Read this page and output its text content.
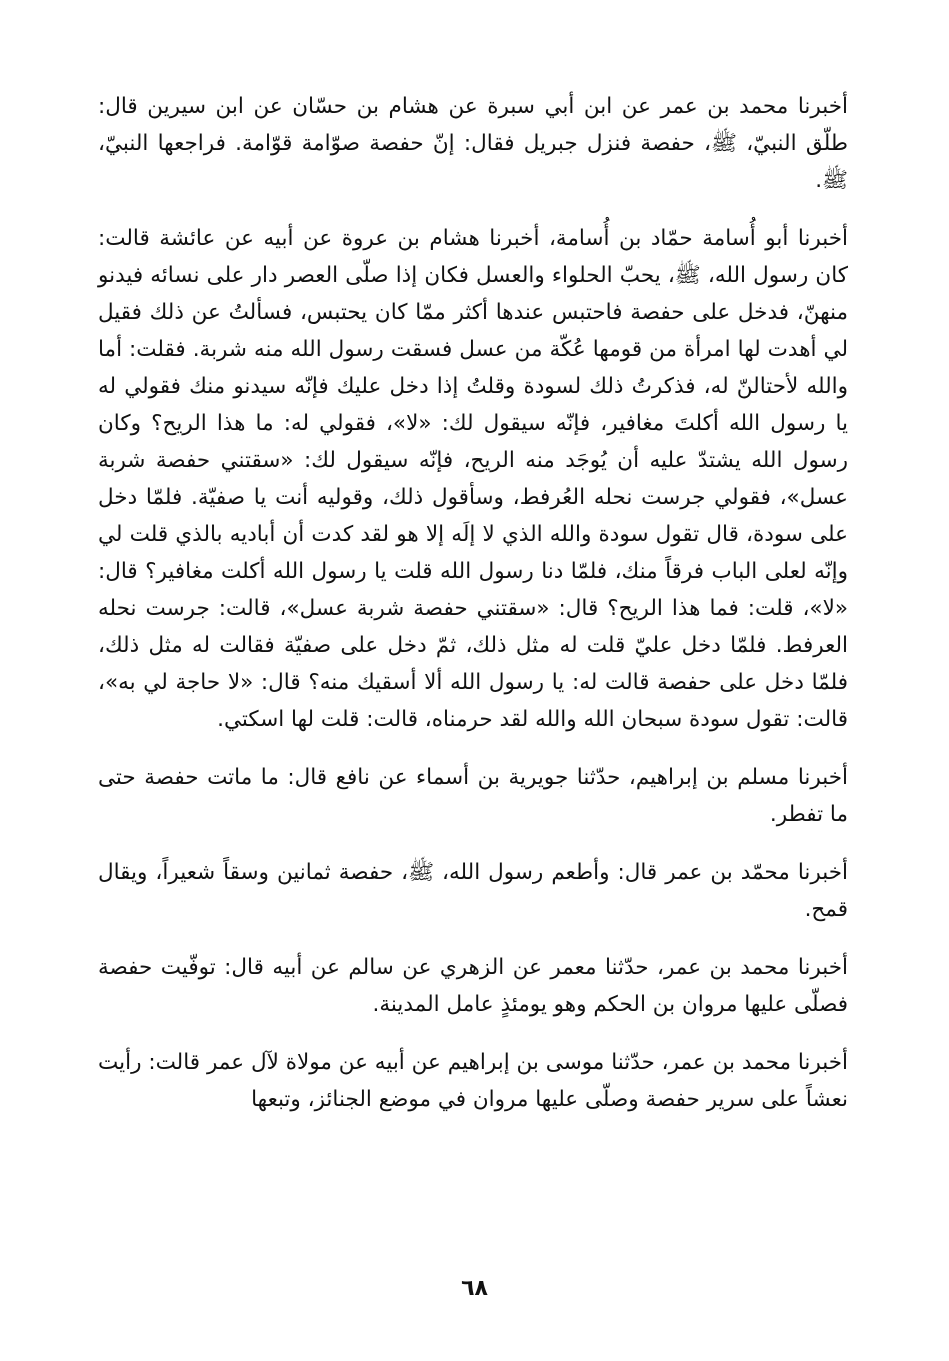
أخبرنا محمد بن عمر عن ابن أبي سبرة عن هشام بن حسّان عن ابن سيرين قال: طلّق النبيّ، ﷺ، حفصة فنزل جبريل فقال: إنّ حفصة صوّامة قوّامة. فراجعها النبيّ، ﷺ.

أخبرنا أبو أُسامة حمّاد بن أُسامة، أخبرنا هشام بن عروة عن أبيه عن عائشة قالت: كان رسول الله، ﷺ، يحبّ الحلواء والعسل فكان إذا صلّى العصر دار على نسائه فيدنو منهنّ، فدخل على حفصة فاحتبس عندها أكثر ممّا كان يحتبس، فسألتُ عن ذلك فقيل لي أهدت لها امرأة من قومها عُكّة من عسل فسقت رسول الله منه شربة. فقلت: أما والله لأحتالنّ له، فذكرتُ ذلك لسودة وقلتُ إذا دخل عليك فإنّه سيدنو منك فقولي له يا رسول الله أكلتَ مغافير، فإنّه سيقول لك: «لا»، فقولي له: ما هذا الريح؟ وكان رسول الله يشتدّ عليه أن يُوجَد منه الريح، فإنّه سيقول لك: «سقتني حفصة شربة عسل»، فقولي جرست نحله العُرفط، وسأقول ذلك، وقوليه أنت يا صفيّة. فلمّا دخل على سودة، قال تقول سودة والله الذي لا إلَه إلا هو لقد كدت أن أباديه بالذي قلت لي وإنّه لعلى الباب فرقاً منك، فلمّا دنا رسول الله قلت يا رسول الله أكلت مغافير؟ قال: «لا»، قلت: فما هذا الريح؟ قال: «سقتني حفصة شربة عسل»، قالت: جرست نحله العرفط. فلمّا دخل عليّ قلت له مثل ذلك، ثمّ دخل على صفيّة فقالت له مثل ذلك، فلمّا دخل على حفصة قالت له: يا رسول الله ألا أسقيك منه؟ قال: «لا حاجة لي به»، قالت: تقول سودة سبحان الله والله لقد حرمناه، قالت: قلت لها اسكتي.

أخبرنا مسلم بن إبراهيم، حدّثنا جويرية بن أسماء عن نافع قال: ما ماتت حفصة حتى ما تفطر.

أخبرنا محمّد بن عمر قال: وأطعم رسول الله، ﷺ، حفصة ثمانين وسقاً شعيراً، ويقال قمح.

أخبرنا محمد بن عمر، حدّثنا معمر عن الزهري عن سالم عن أبيه قال: توفّيت حفصة فصلّى عليها مروان بن الحكم وهو يومئذٍ عامل المدينة.

أخبرنا محمد بن عمر، حدّثنا موسى بن إبراهيم عن أبيه عن مولاة لآل عمر قالت: رأيت نعشاً على سرير حفصة وصلّى عليها مروان في موضع الجنائز، وتبعها

٦٨
